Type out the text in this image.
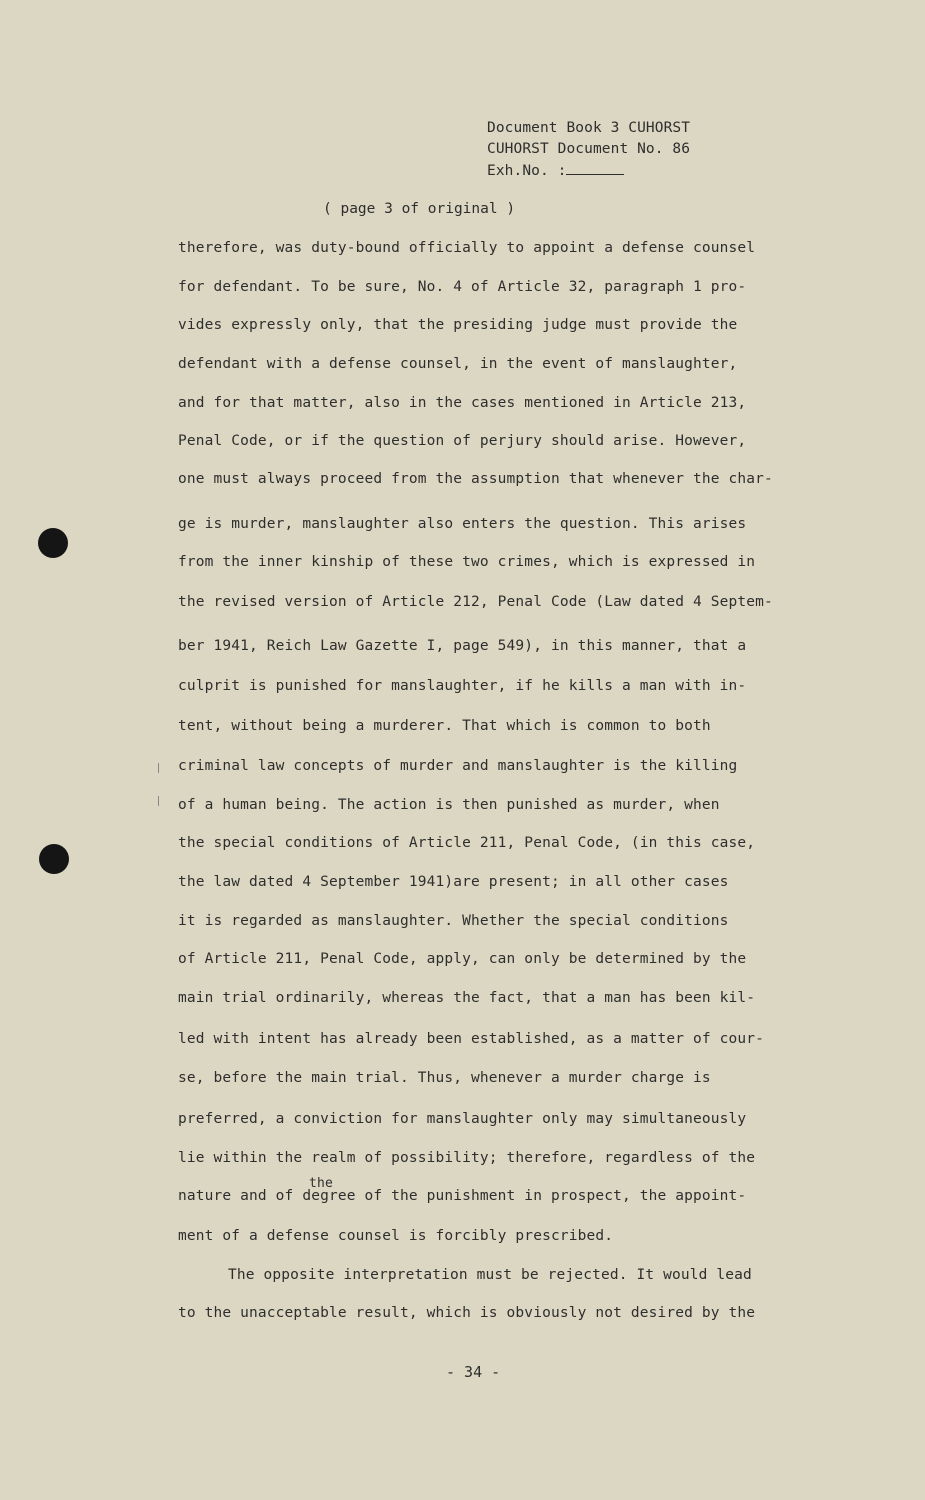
Document Book 3 CUHORST
CUHORST Document No. 86
Exh.No. :
( page 3 of original )
therefore, was duty-bound officially to appoint a defense counsel
for defendant. To be sure, No. 4 of Article 32, paragraph 1 pro-
vides expressly only, that the presiding judge must provide the
defendant with a defense counsel, in the event of manslaughter,
and for that matter, also in the cases mentioned in Article 213,
Penal Code, or if the question of perjury should arise. However,
one must always proceed from the assumption that whenever the char-
ge is murder, manslaughter also enters the question. This arises
from the inner kinship of these two crimes, which is expressed in
the revised version of Article 212, Penal Code (Law dated 4 Septem-
ber 1941, Reich Law Gazette I, page 549), in this manner, that a
culprit is punished for manslaughter, if he kills a man with in-
tent, without being a murderer. That which is common to both
criminal law concepts of murder and manslaughter is the killing
of a human being. The action is then punished as murder, when
the special conditions of Article 211, Penal Code, (in this case,
the law dated 4 September 1941)are present; in all other cases
it is regarded as manslaughter. Whether the special conditions
of Article 211, Penal Code, apply, can only be determined by the
main trial ordinarily, whereas the fact, that a man has been kil-
led with intent has already been established, as a matter of cour-
se, before the main trial. Thus, whenever a murder charge is
preferred, a conviction for manslaughter only may simultaneously
lie within the realm of possibility; therefore, regardless of the
nature and of degree of the punishment in prospect, the appoint-
ment of a defense counsel is forcibly prescribed.
The opposite interpretation must be rejected. It would lead
to the unacceptable result, which is obviously not desired by the
the
- 34 -
